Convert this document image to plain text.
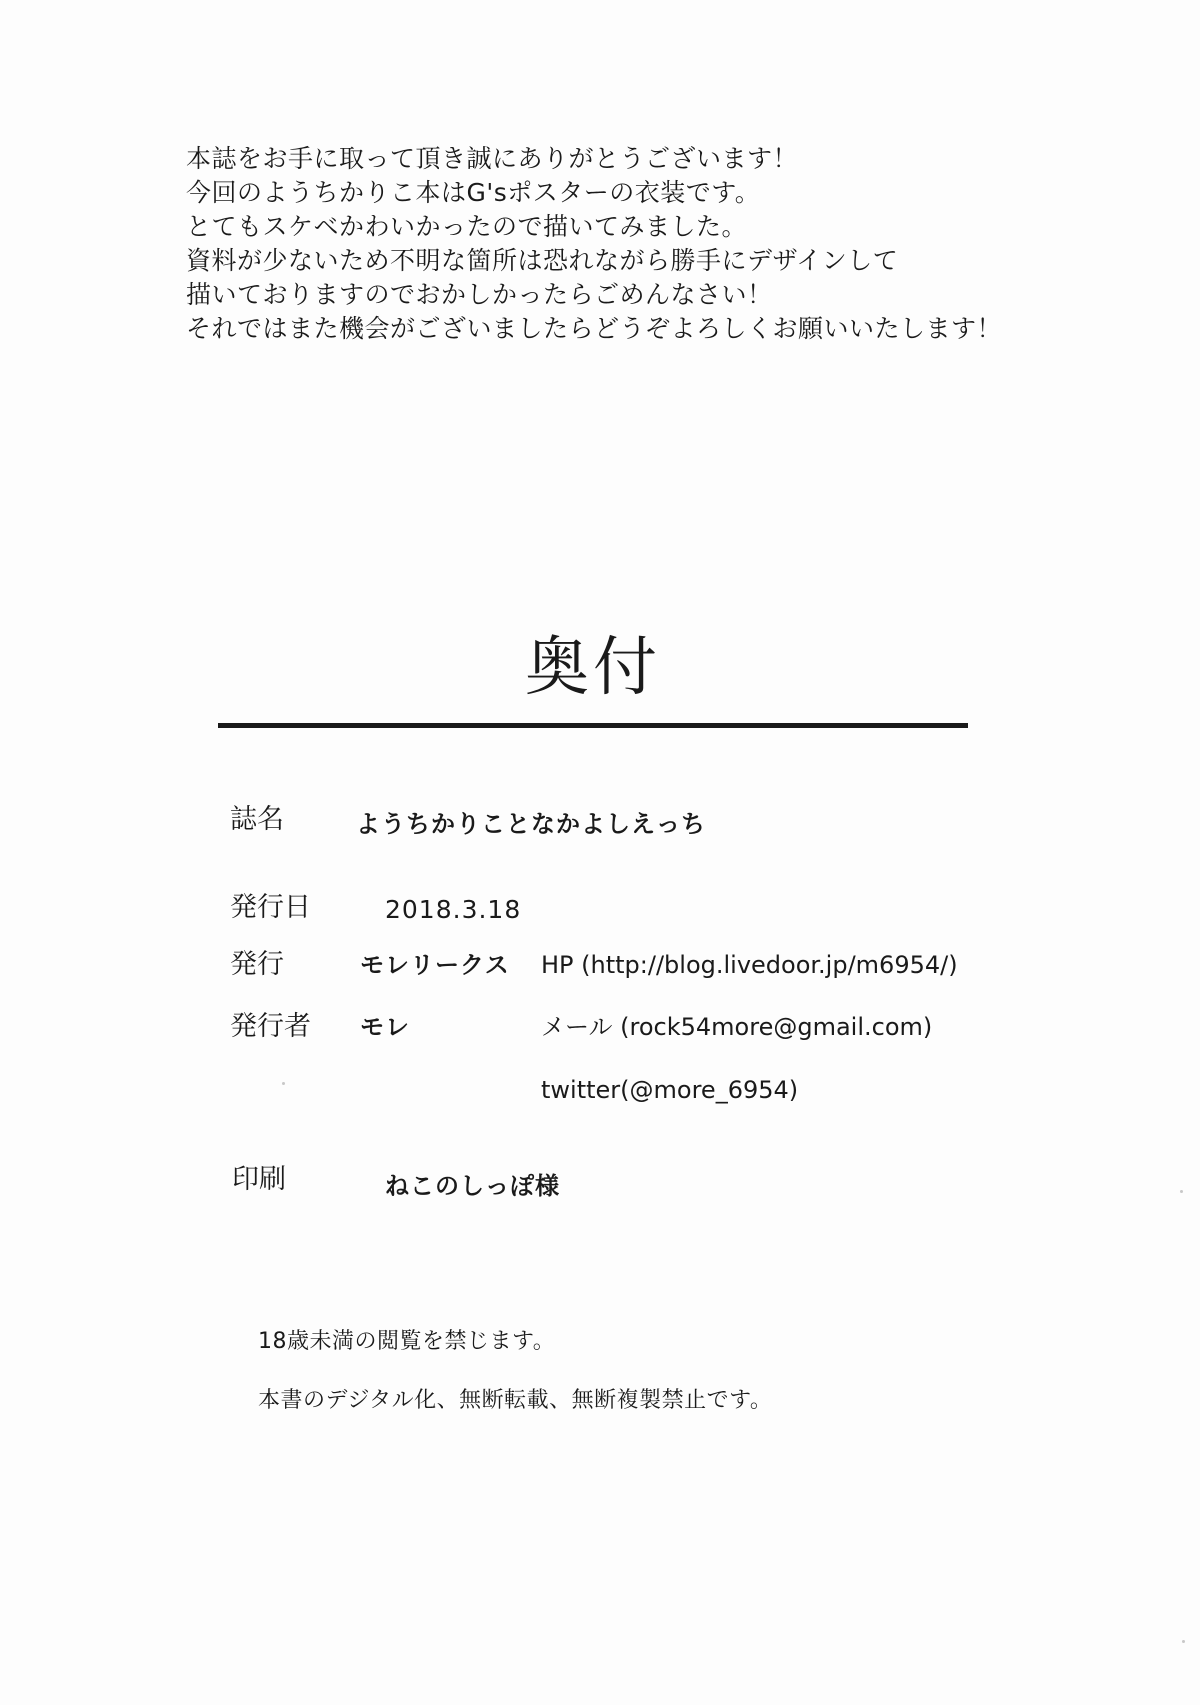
本誌をお手に取って頂き誠にありがとうございます！
今回のようちかりこ本はG'sポスターの衣装です。
とてもスケベかわいかったので描いてみました。
資料が少ないため不明な箇所は恐れながら勝手にデザインして
描いておりますのでおかしかったらごめんなさい！
それではまた機会がございましたらどうぞよろしくお願いいたします！
奥付
誌名	ようちかりことなかよしえっち
発行日	2018.3.18
発行	モレリークス HP (http://blog.livedoor.jp/m6954/)
発行者 モレ	メール (rock54more@gmail.com)
twitter(@more_6954)
印刷	ねこのしっぽ様
18歳未満の閲覧を禁じます。
本書のデジタル化、無断転載、無断複製禁止です。
